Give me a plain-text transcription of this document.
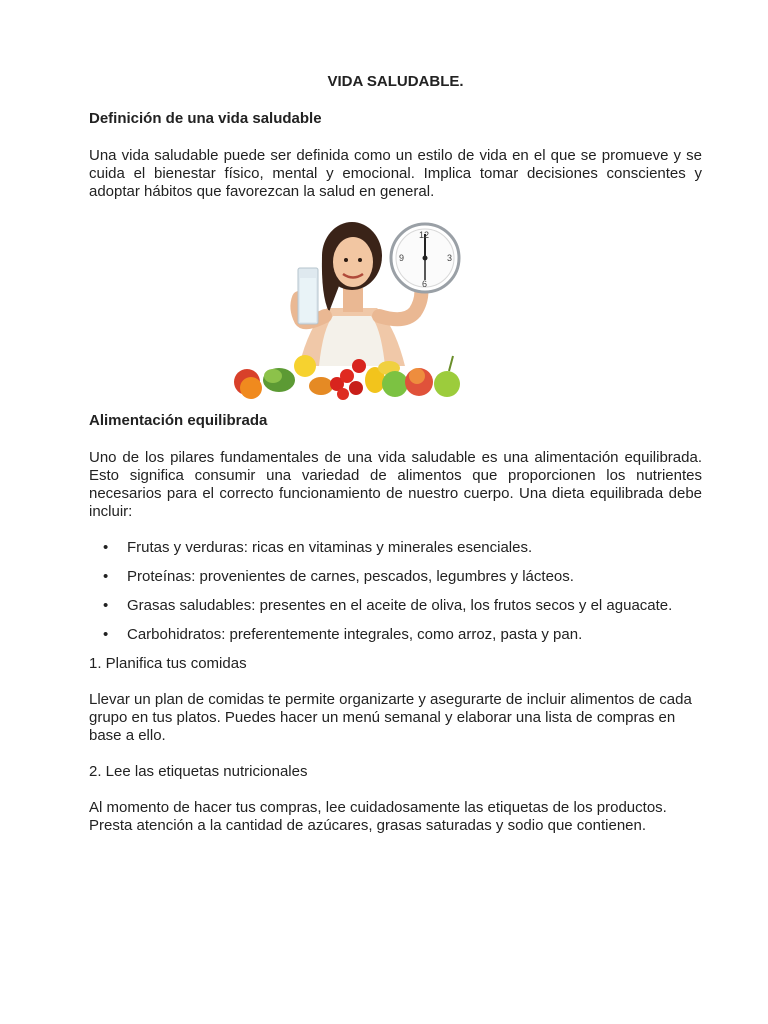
VIDA SALUDABLE.
Definición de una vida saludable

Una vida saludable puede ser definida como un estilo de vida en el que se promueve y se cuida el bienestar físico, mental y emocional. Implica tomar decisiones conscientes y adoptar hábitos que favorezcan la salud en general.

12
3
6
9
Alimentación equilibrada

Uno de los pilares fundamentales de una vida saludable es una alimentación equilibrada. Esto significa consumir una variedad de alimentos que proporcionen los nutrientes necesarios para el correcto funcionamiento de nuestro cuerpo. Una dieta equilibrada debe incluir:

• Frutas y verduras: ricas en vitaminas y minerales esenciales.
• Proteínas: provenientes de carnes, pescados, legumbres y lácteos.
• Grasas saludables: presentes en el aceite de oliva, los frutos secos y el aguacate.
• Carbohidratos: preferentemente integrales, como arroz, pasta y pan.

1. Planifica tus comidas

Llevar un plan de comidas te permite organizarte y asegurarte de incluir alimentos de cada grupo en tus platos. Puedes hacer un menú semanal y elaborar una lista de compras en base a ello.

2. Lee las etiquetas nutricionales

Al momento de hacer tus compras, lee cuidadosamente las etiquetas de los productos. Presta atención a la cantidad de azúcares, grasas saturadas y sodio que contienen.
